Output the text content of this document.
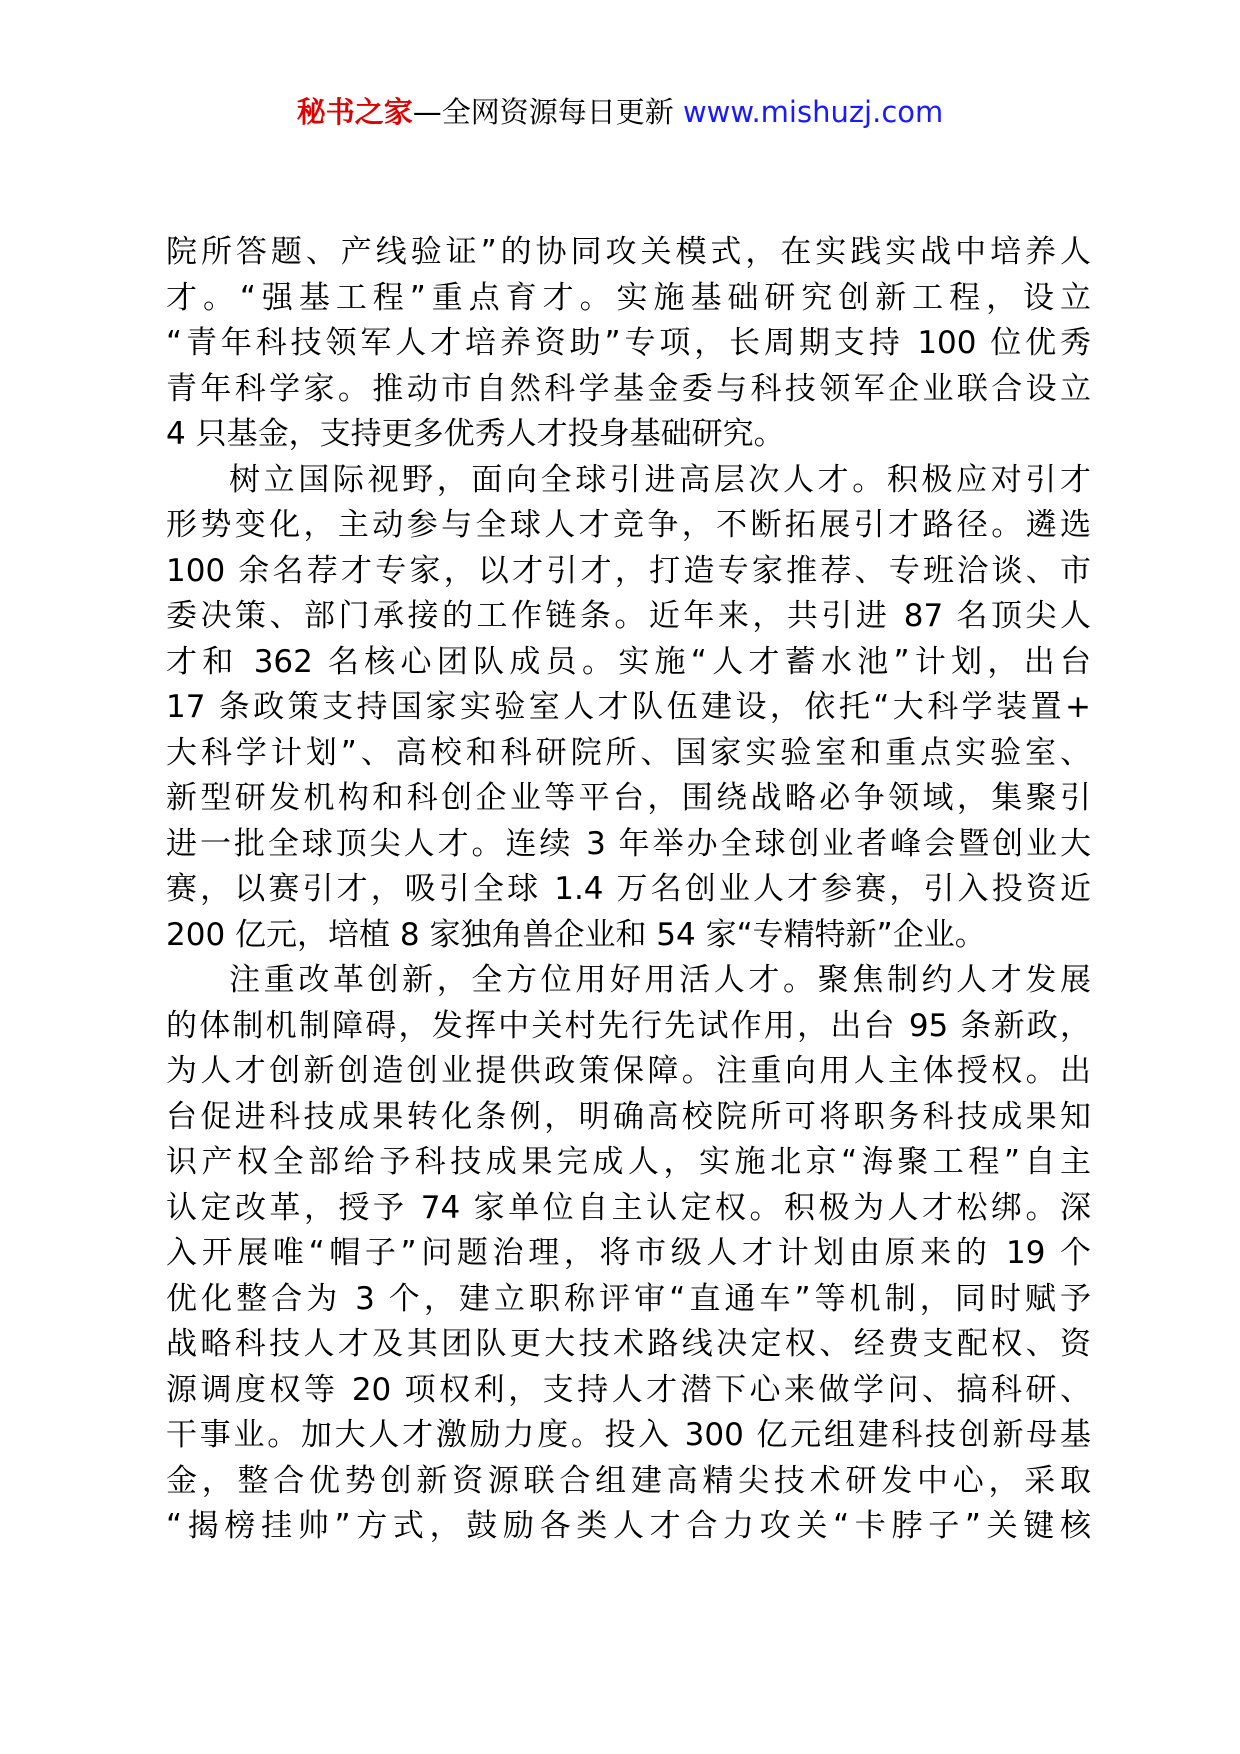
秘书之家—全网资源每日更新 www.mishuzj.com
院所答题、产线验证”的协同攻关模式，在实践实战中培养人
才。“强基工程”重点育才。实施基础研究创新工程，设立
“青年科技领军人才培养资助”专项，长周期支持 100 位优秀
青年科学家。推动市自然科学基金委与科技领军企业联合设立
4 只基金，支持更多优秀人才投身基础研究。
树立国际视野，面向全球引进高层次人才。积极应对引才
形势变化，主动参与全球人才竞争，不断拓展引才路径。遴选
100 余名荐才专家，以才引才，打造专家推荐、专班洽谈、市
委决策、部门承接的工作链条。近年来，共引进 87 名顶尖人
才和 362 名核心团队成员。实施“人才蓄水池”计划，出台
17 条政策支持国家实验室人才队伍建设，依托“大科学装置+
大科学计划”、高校和科研院所、国家实验室和重点实验室、
新型研发机构和科创企业等平台，围绕战略必争领域，集聚引
进一批全球顶尖人才。连续 3 年举办全球创业者峰会暨创业大
赛，以赛引才，吸引全球 1.4 万名创业人才参赛，引入投资近
200 亿元，培植 8 家独角兽企业和 54 家“专精特新”企业。
注重改革创新，全方位用好用活人才。聚焦制约人才发展
的体制机制障碍，发挥中关村先行先试作用，出台 95 条新政，
为人才创新创造创业提供政策保障。注重向用人主体授权。出
台促进科技成果转化条例，明确高校院所可将职务科技成果知
识产权全部给予科技成果完成人，实施北京“海聚工程”自主
认定改革，授予 74 家单位自主认定权。积极为人才松绑。深
入开展唯“帽子”问题治理，将市级人才计划由原来的 19 个
优化整合为 3 个，建立职称评审“直通车”等机制，同时赋予
战略科技人才及其团队更大技术路线决定权、经费支配权、资
源调度权等 20 项权利，支持人才潜下心来做学问、搞科研、
干事业。加大人才激励力度。投入 300 亿元组建科技创新母基
金，整合优势创新资源联合组建高精尖技术研发中心，采取
“揭榜挂帅”方式，鼓励各类人才合力攻关“卡脖子”关键核
